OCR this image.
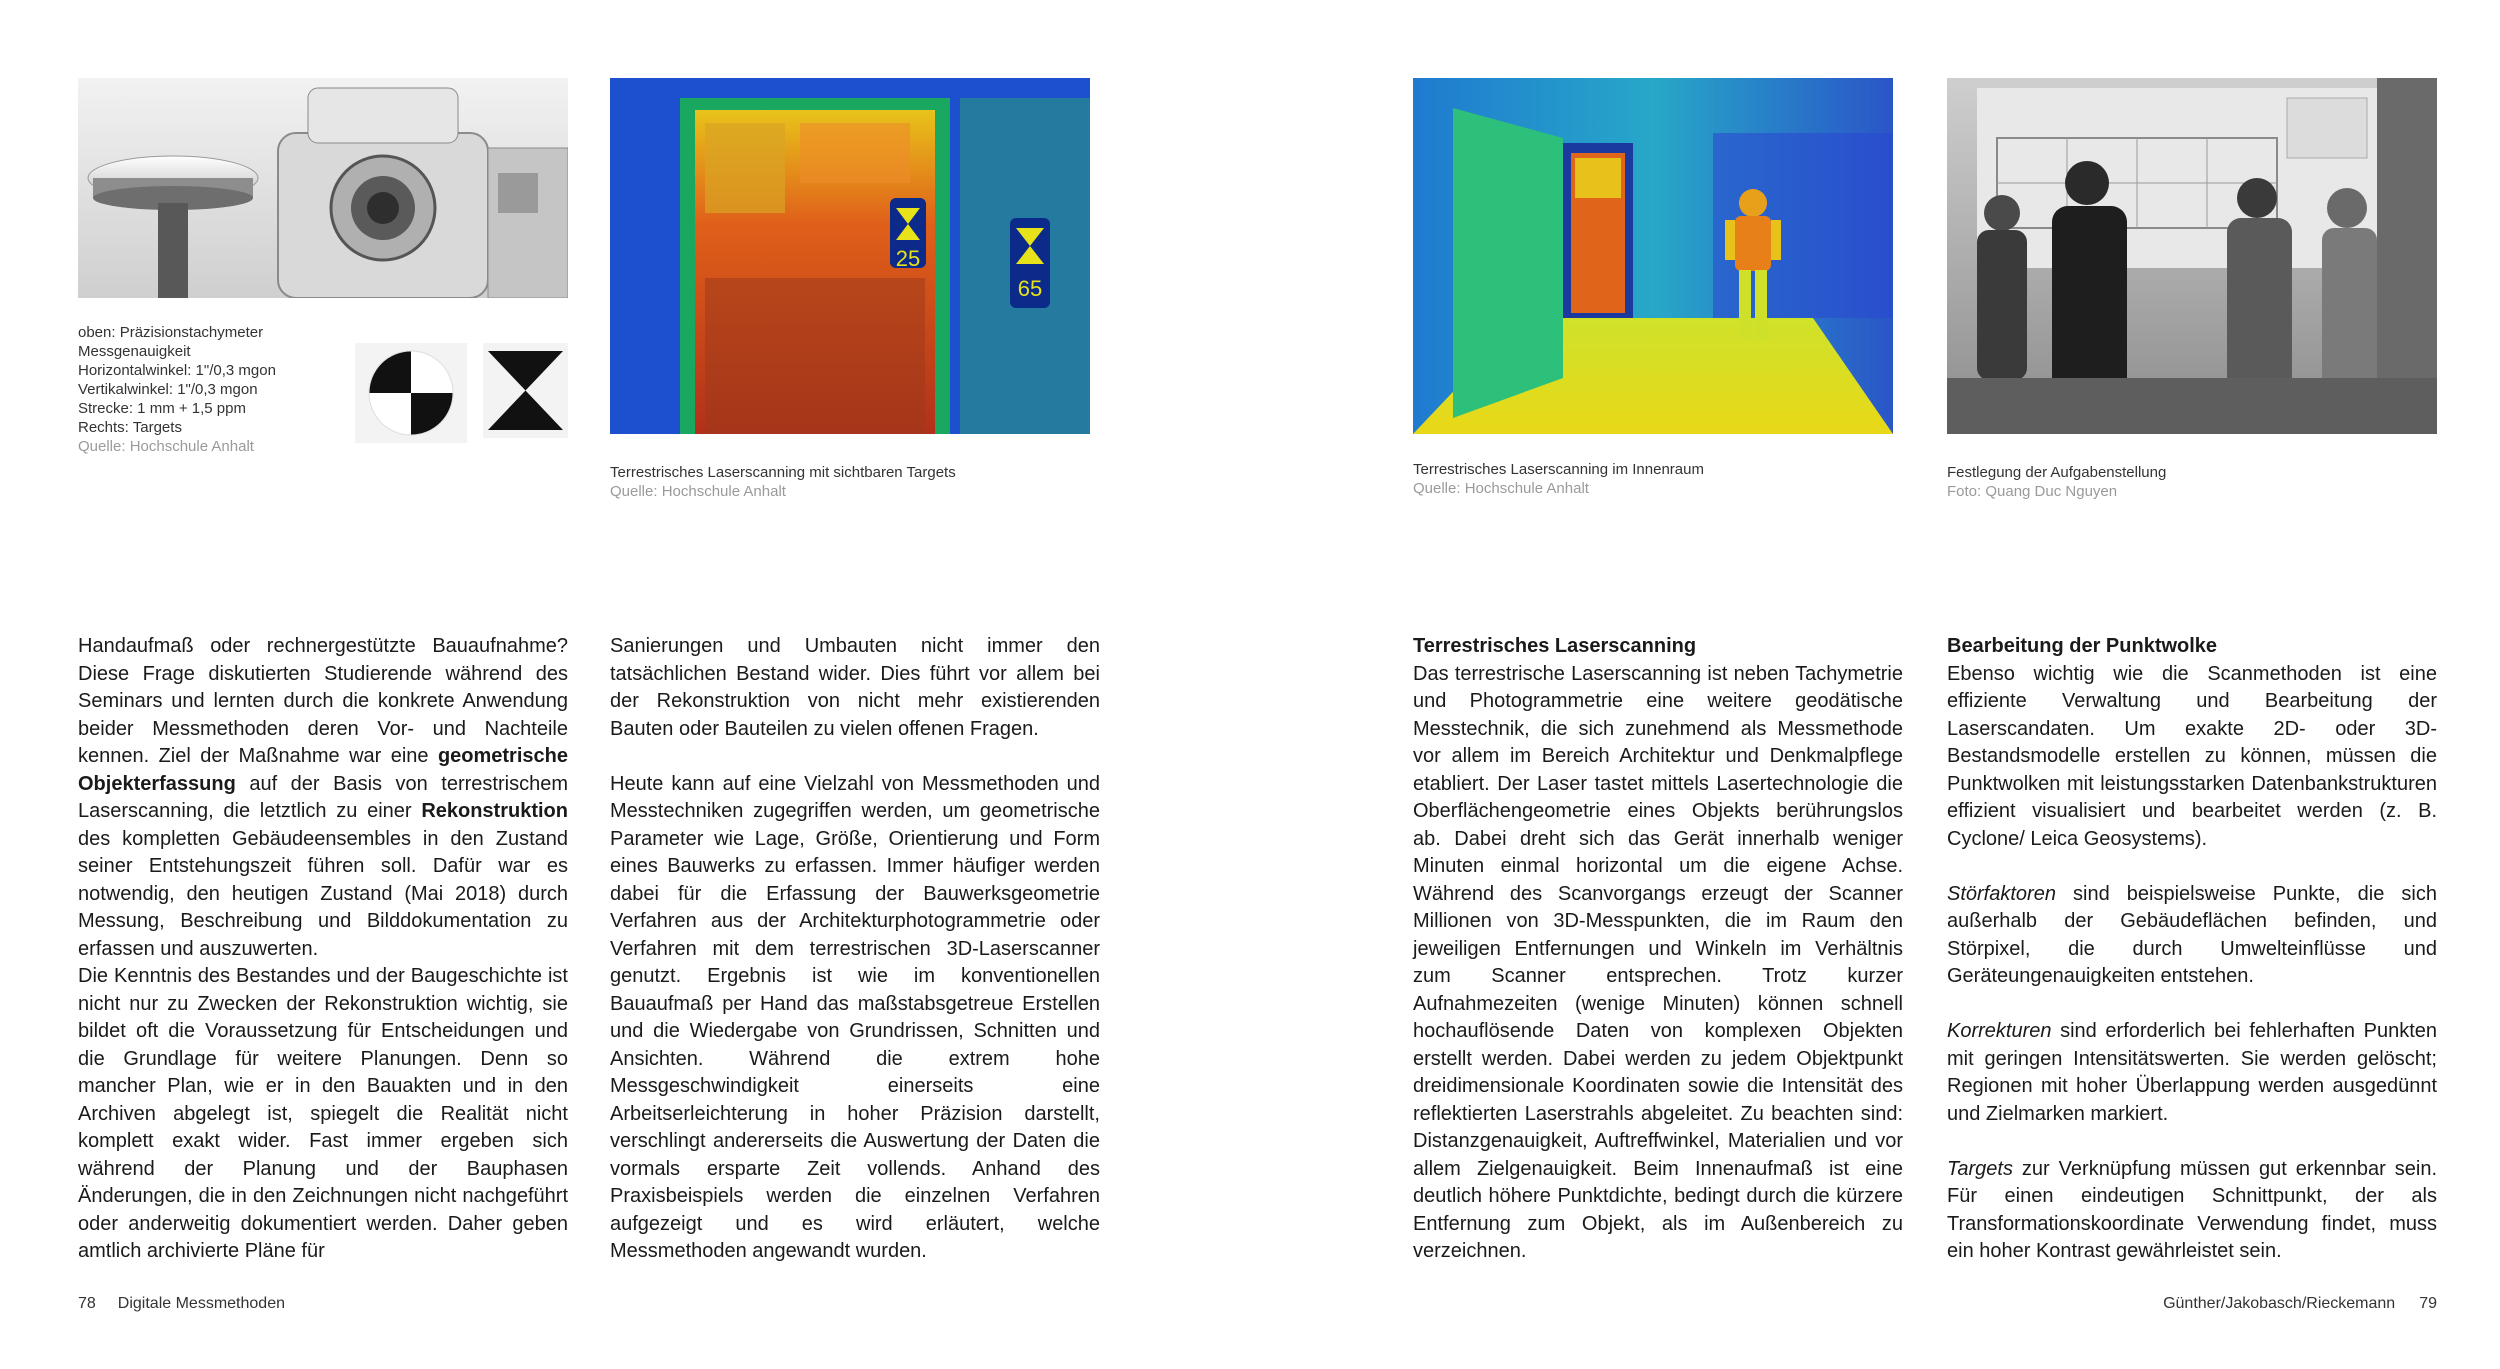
oben: Präzisionstachymeter
Messgenauigkeit
Horizontalwinkel: 1"/0,3 mgon
Vertikalwinkel: 1"/0,3 mgon
Strecke: 1 mm + 1,5 ppm
Rechts: Targets
Quelle: Hochschule Anhalt
25
65
Terrestrisches Laserscanning mit sichtbaren Targets
Quelle: Hochschule Anhalt

Handaufmaß oder rechnergestützte Bauaufnahme? Diese Frage diskutierten Studierende während des Seminars und lernten durch die konkrete Anwendung beider Messmethoden deren Vor- und Nachteile kennen. Ziel der Maßnahme war eine geometrische Objekterfassung auf der Basis von terrestrischem Laserscanning, die letztlich zu einer Rekonstruktion des kompletten Gebäudeensembles in den Zustand seiner Entstehungszeit führen soll. Dafür war es notwendig, den heutigen Zustand (Mai 2018) durch Messung, Beschreibung und Bilddokumentation zu erfassen und auszuwerten.

Die Kenntnis des Bestandes und der Baugeschichte ist nicht nur zu Zwecken der Rekonstruktion wichtig, sie bildet oft die Voraussetzung für Entscheidungen und die Grundlage für weitere Planungen. Denn so mancher Plan, wie er in den Bauakten und in den Archiven abgelegt ist, spiegelt die Realität nicht komplett exakt wider. Fast immer ergeben sich während der Planung und der Bauphasen Änderungen, die in den Zeichnungen nicht nachgeführt oder anderweitig dokumentiert werden. Daher geben amtlich archivierte Pläne für

Sanierungen und Umbauten nicht immer den tatsächlichen Bestand wider. Dies führt vor allem bei der Rekonstruktion von nicht mehr existierenden Bauten oder Bauteilen zu vielen offenen Fragen.

Heute kann auf eine Vielzahl von Messmethoden und Messtechniken zugegriffen werden, um geometrische Parameter wie Lage, Größe, Orientierung und Form eines Bauwerks zu erfassen. Immer häufiger werden dabei für die Erfassung der Bauwerksgeometrie Verfahren aus der Architekturphotogrammetrie oder Verfahren mit dem terrestrischen 3D-Laserscanner genutzt. Ergebnis ist wie im konventionellen Bauaufmaß per Hand das maßstabsgetreue Erstellen und die Wiedergabe von Grundrissen, Schnitten und Ansichten. Während die extrem hohe Messgeschwindigkeit einerseits eine Arbeitserleichterung in hoher Präzision darstellt, verschlingt andererseits die Auswertung der Daten die vormals ersparte Zeit vollends. Anhand des Praxisbeispiels werden die einzelnen Verfahren aufgezeigt und es wird erläutert, welche Messmethoden angewandt wurden.

78 Digitale Messmethoden
Terrestrisches Laserscanning im Innenraum
Quelle: Hochschule Anhalt
Festlegung der Aufgabenstellung
Foto: Quang Duc Nguyen

Terrestrisches Laserscanning

Das terrestrische Laserscanning ist neben Tachymetrie und Photogrammetrie eine weitere geodätische Messtechnik, die sich zunehmend als Messmethode vor allem im Bereich Architektur und Denkmalpflege etabliert. Der Laser tastet mittels Lasertechnologie die Oberflächengeometrie eines Objekts berührungslos ab. Dabei dreht sich das Gerät innerhalb weniger Minuten einmal horizontal um die eigene Achse. Während des Scanvorgangs erzeugt der Scanner Millionen von 3D-Messpunkten, die im Raum den jeweiligen Entfernungen und Winkeln im Verhältnis zum Scanner entsprechen. Trotz kurzer Aufnahmezeiten (wenige Minuten) können schnell hochauflösende Daten von komplexen Objekten erstellt werden. Dabei werden zu jedem Objektpunkt dreidimensionale Koordinaten sowie die Intensität des reflektierten Laserstrahls abgeleitet. Zu beachten sind: Distanzgenauigkeit, Auftreffwinkel, Materialien und vor allem Zielgenauigkeit. Beim Innenaufmaß ist eine deutlich höhere Punktdichte, bedingt durch die kürzere Entfernung zum Objekt, als im Außenbereich zu verzeichnen.

Bearbeitung der Punktwolke

Ebenso wichtig wie die Scanmethoden ist eine effiziente Verwaltung und Bearbeitung der Laserscandaten. Um exakte 2D- oder 3D-Bestandsmodelle erstellen zu können, müssen die Punktwolken mit leistungsstarken Datenbankstrukturen effizient visualisiert und bearbeitet werden (z. B. Cyclone/ Leica Geosystems).

Störfaktoren sind beispielsweise Punkte, die sich außerhalb der Gebäudeflächen befinden, und Störpixel, die durch Umwelteinflüsse und Geräteungenauigkeiten entstehen.

Korrekturen sind erforderlich bei fehlerhaften Punkten mit geringen Intensitätswerten. Sie werden gelöscht; Regionen mit hoher Überlappung werden ausgedünnt und Zielmarken markiert.

Targets zur Verknüpfung müssen gut erkennbar sein. Für einen eindeutigen Schnittpunkt, der als Transformationskoordinate Verwendung findet, muss ein hoher Kontrast gewährleistet sein.

Günther/Jakobasch/Rieckemann 79
